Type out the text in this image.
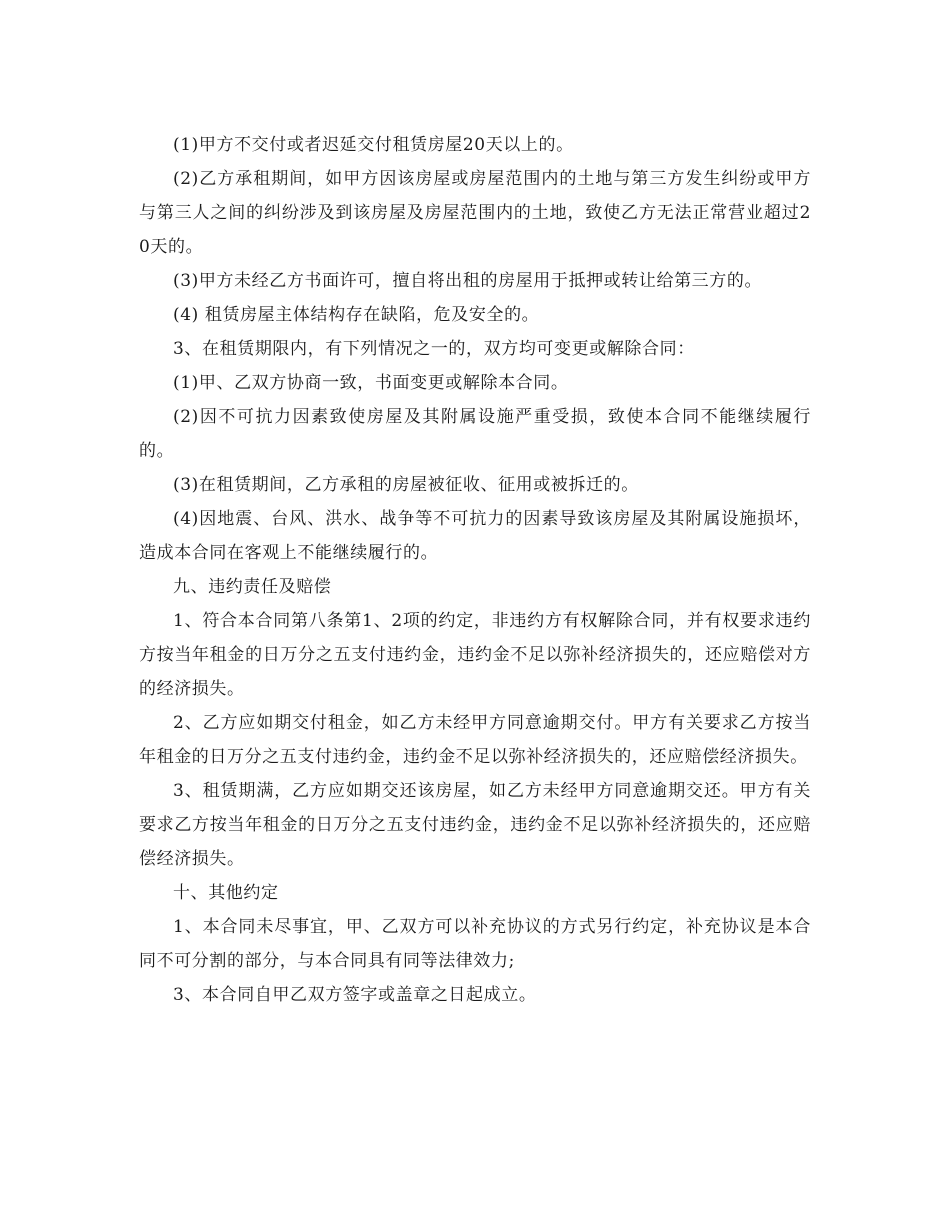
(1)甲方不交付或者迟延交付租赁房屋20天以上的。

(2)乙方承租期间，如甲方因该房屋或房屋范围内的土地与第三方发生纠纷或甲方与第三人之间的纠纷涉及到该房屋及房屋范围内的土地，致使乙方无法正常营业超过20天的。

(3)甲方未经乙方书面许可，擅自将出租的房屋用于抵押或转让给第三方的。

(4) 租赁房屋主体结构存在缺陷，危及安全的。

3、在租赁期限内，有下列情况之一的，双方均可变更或解除合同：

(1)甲、乙双方协商一致，书面变更或解除本合同。

(2)因不可抗力因素致使房屋及其附属设施严重受损，致使本合同不能继续履行的。

(3)在租赁期间，乙方承租的房屋被征收、征用或被拆迁的。

(4)因地震、台风、洪水、战争等不可抗力的因素导致该房屋及其附属设施损坏，造成本合同在客观上不能继续履行的。

九、违约责任及赔偿

1、符合本合同第八条第1、2项的约定，非违约方有权解除合同，并有权要求违约方按当年租金的日万分之五支付违约金，违约金不足以弥补经济损失的，还应赔偿对方的经济损失。

2、乙方应如期交付租金，如乙方未经甲方同意逾期交付。甲方有关要求乙方按当年租金的日万分之五支付违约金，违约金不足以弥补经济损失的，还应赔偿经济损失。

3、租赁期满，乙方应如期交还该房屋，如乙方未经甲方同意逾期交还。甲方有关要求乙方按当年租金的日万分之五支付违约金，违约金不足以弥补经济损失的，还应赔偿经济损失。

十、其他约定

1、本合同未尽事宜，甲、乙双方可以补充协议的方式另行约定，补充协议是本合同不可分割的部分，与本合同具有同等法律效力;

3、本合同自甲乙双方签字或盖章之日起成立。
